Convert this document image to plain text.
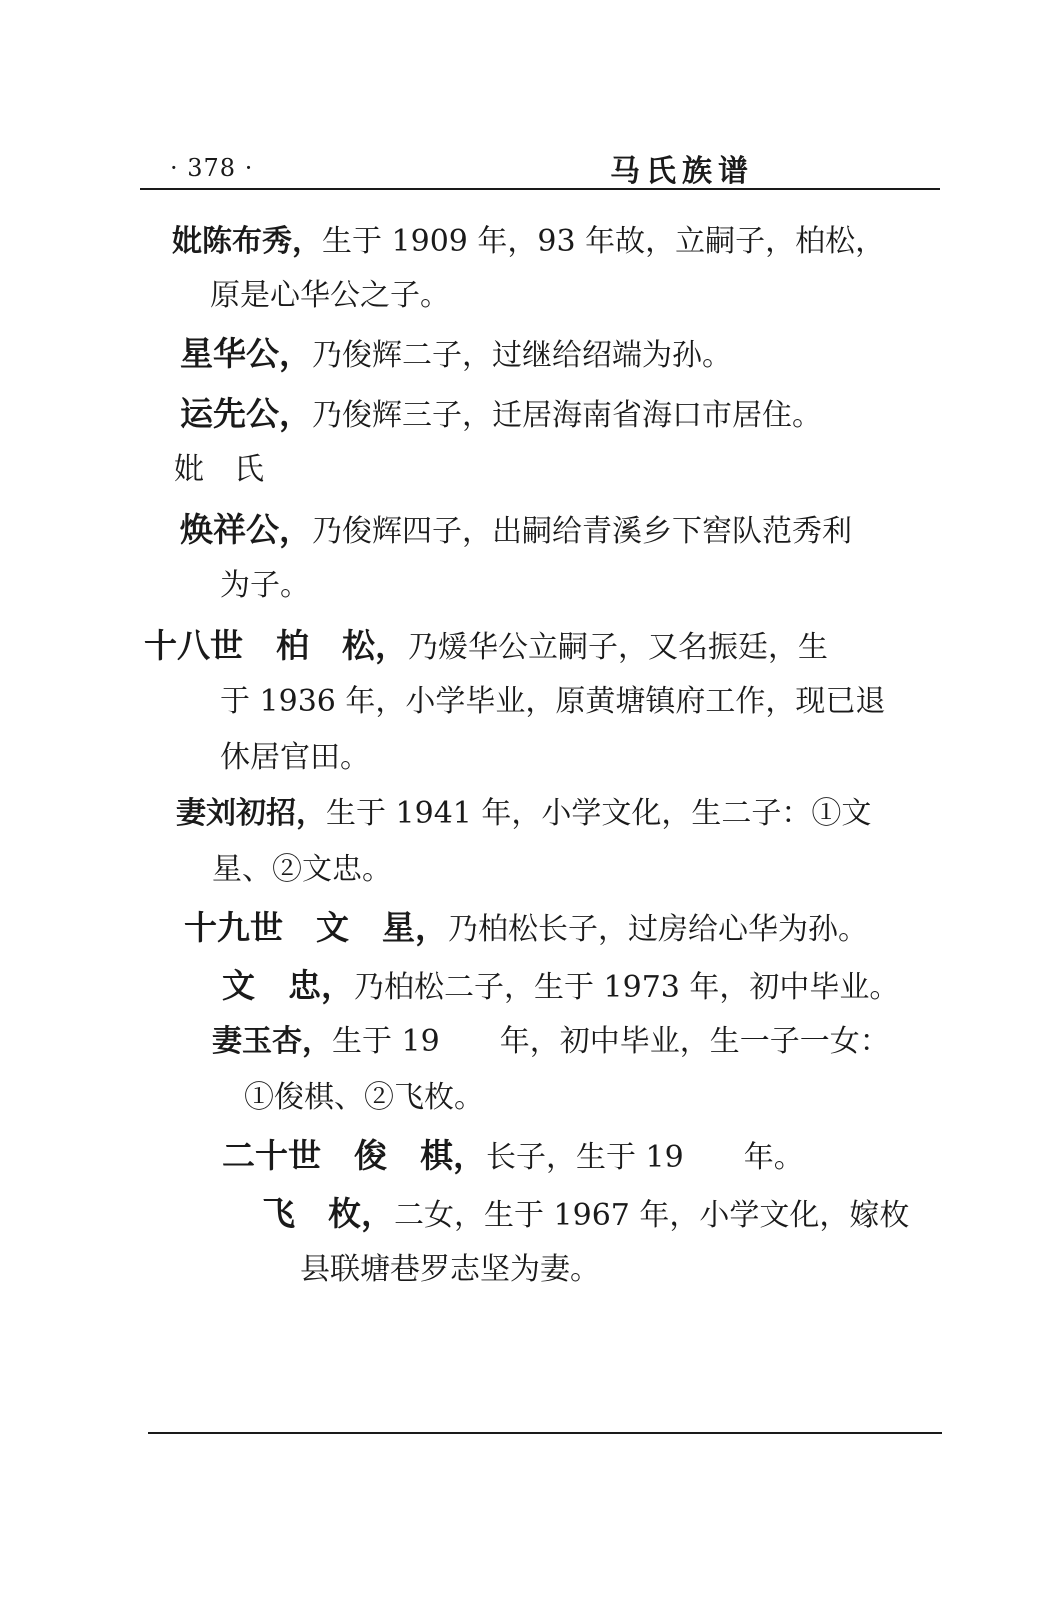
· 378 ·	马氏族谱
妣陈布秀，生于 1909 年，93 年故，立嗣子，柏松，
原是心华公之子。
星华公，乃俊辉二子，过继给绍端为孙。
运先公，乃俊辉三子，迁居海南省海口市居住。
妣　氏
焕祥公，乃俊辉四子，出嗣给青溪乡下窖队范秀利
为子。
十八世　柏　松，乃煖华公立嗣子，又名振廷，生
于 1936 年，小学毕业，原黄塘镇府工作，现已退
休居官田。
妻刘初招，生于 1941 年，小学文化，生二子：①文
星、②文忠。
十九世　文　星，乃柏松长子，过房给心华为孙。
文　忠，乃柏松二子，生于 1973 年，初中毕业。
妻玉杏，生于 19　　年，初中毕业，生一子一女：
①俊棋、②飞枚。
二十世　俊　棋，长子，生于 19　　年。
飞　枚，二女，生于 1967 年，小学文化，嫁枚
县联塘巷罗志坚为妻。
